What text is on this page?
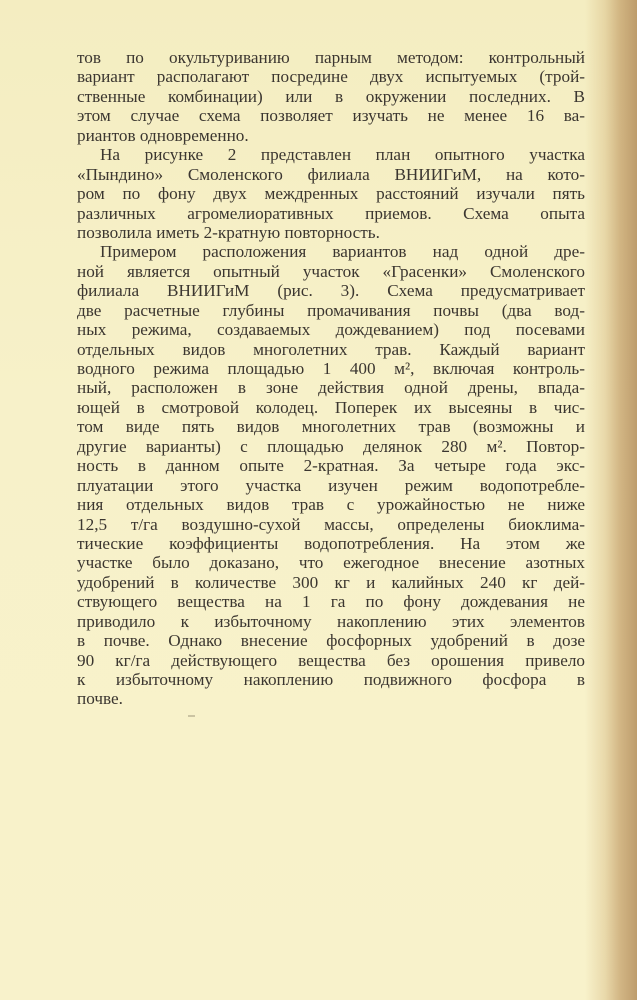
тов по окультуриванию парным методом: контрольный
вариант располагают посредине двух испытуемых (трой-
ственные комбинации) или в окружении последних. В
этом случае схема позволяет изучать не менее 16 ва-
риантов одновременно.
На рисунке 2 представлен план опытного участка
«Пындино» Смоленского филиала ВНИИГиМ, на кото-
ром по фону двух междренных расстояний изучали пять
различных агромелиоративных приемов. Схема опыта
позволила иметь 2-кратную повторность.
Примером расположения вариантов над одной дре-
ной является опытный участок «Грасенки» Смоленского
филиала ВНИИГиМ (рис. 3). Схема предусматривает
две расчетные глубины промачивания почвы (два вод-
ных режима, создаваемых дождеванием) под посевами
отдельных видов многолетних трав. Каждый вариант
водного режима площадью 1 400 м², включая контроль-
ный, расположен в зоне действия одной дрены, впада-
ющей в смотровой колодец. Поперек их высеяны в чис-
том виде пять видов многолетних трав (возможны и
другие варианты) с площадью делянок 280 м². Повтор-
ность в данном опыте 2-кратная. За четыре года экс-
плуатации этого участка изучен режим водопотребле-
ния отдельных видов трав с урожайностью не ниже
12,5 т/га воздушно-сухой массы, определены биоклима-
тические коэффициенты водопотребления. На этом же
участке было доказано, что ежегодное внесение азотных
удобрений в количестве 300 кг и калийных 240 кг дей-
ствующего вещества на 1 га по фону дождевания не
приводило к избыточному накоплению этих элементов
в почве. Однако внесение фосфорных удобрений в дозе
90 кг/га действующего вещества без орошения привело
к избыточному накоплению подвижного фосфора в
почве.
